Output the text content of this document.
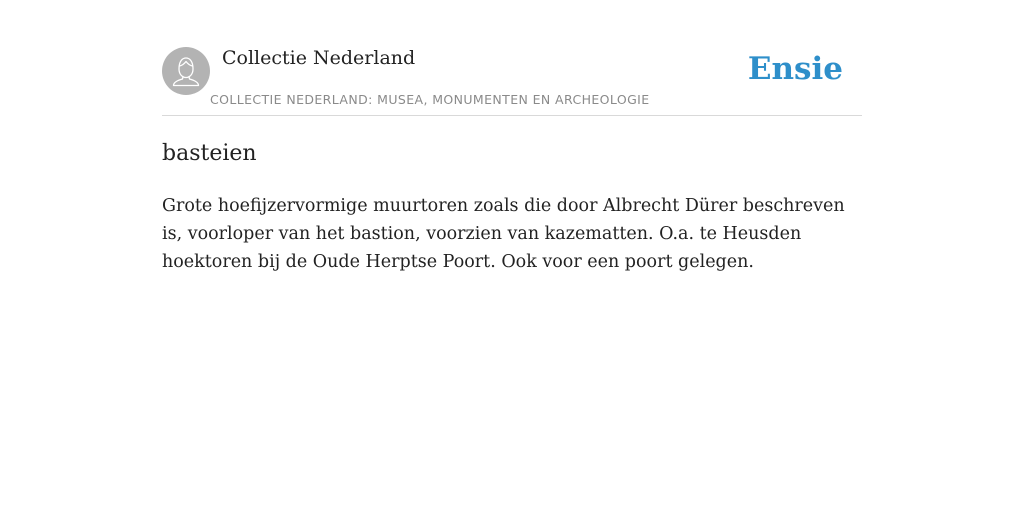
Collectie Nederland
COLLECTIE NEDERLAND: MUSEA, MONUMENTEN EN ARCHEOLOGIE
Ensie
basteien

Grote hoefijzervormige muurtoren zoals die door Albrecht Dürer beschreven is, voorloper van het bastion, voorzien van kazematten. O.a. te Heusden hoektoren bij de Oude Herptse Poort. Ook voor een poort gelegen.
